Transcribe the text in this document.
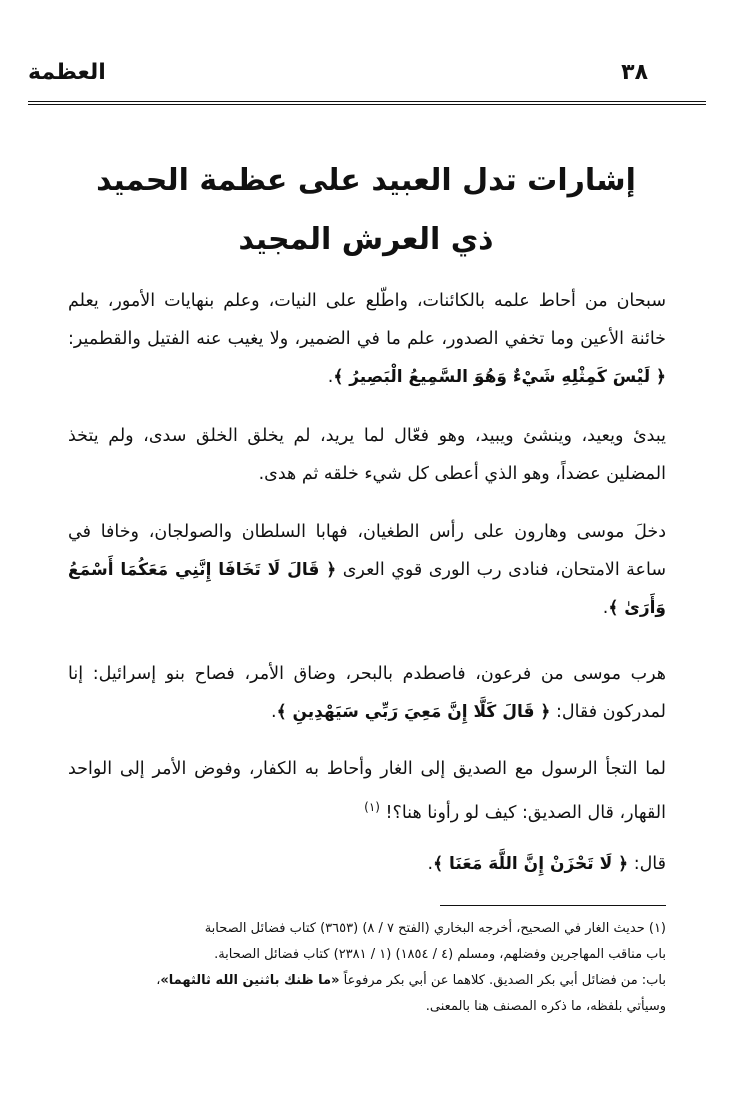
العظمة	٣٨
إشارات تدل العبيد على عظمة الحميد
ذي العرش المجيد
سبحان من أحاط علمه بالكائنات، واطّلع على النيات، وعلم بنهايات الأمور، يعلم خائنة الأعين وما تخفي الصدور، علم ما في الضمير، ولا يغيب عنه الفتيل والقطمير: ﴿ لَيْسَ كَمِثْلِهِ شَيْءٌ وَهُوَ السَّمِيعُ الْبَصِيرُ ﴾.
يبدئ ويعيد، وينشئ ويبيد، وهو فعّال لما يريد، لم يخلق الخلق سدى، ولم يتخذ المضلين عضداً، وهو الذي أعطى كل شيء خلقه ثم هدى.
دخلَ موسى وهارون على رأس الطغيان، فهابا السلطان والصولجان، وخافا في ساعة الامتحان، فنادى رب الورى قوي العرى ﴿ قَالَ لَا تَخَافَا إِنَّنِي مَعَكُمَا أَسْمَعُ وَأَرَىٰ ﴾.
هرب موسى من فرعون، فاصطدم بالبحر، وضاق الأمر، فصاح بنو إسرائيل: إنا لمدركون فقال: ﴿ قَالَ كَلَّا إِنَّ مَعِيَ رَبِّي سَيَهْدِينِ ﴾.
لما التجأ الرسول مع الصديق إلى الغار وأحاط به الكفار، وفوض الأمر إلى الواحد القهار، قال الصديق: كيف لو رأونا هنا؟! $^{(١)}$
قال: ﴿ لَا تَحْزَنْ إِنَّ اللَّهَ مَعَنَا ﴾.
(١) حديث الغار في الصحيح، أخرجه البخاري (الفتح ٧ / ٨) (٣٦٥٣) كتاب فضائل الصحابة
باب مناقب المهاجرين وفضلهم، ومسلم (٤ / ١٨٥٤) (١ / ٢٣٨١) كتاب فضائل الصحابة.
باب: من فضائل أبي بكر الصديق. كلاهما عن أبي بكر مرفوعاً «ما ظنك باثنين الله ثالثهما»،
وسيأتي بلفظه، ما ذكره المصنف هنا بالمعنى.
